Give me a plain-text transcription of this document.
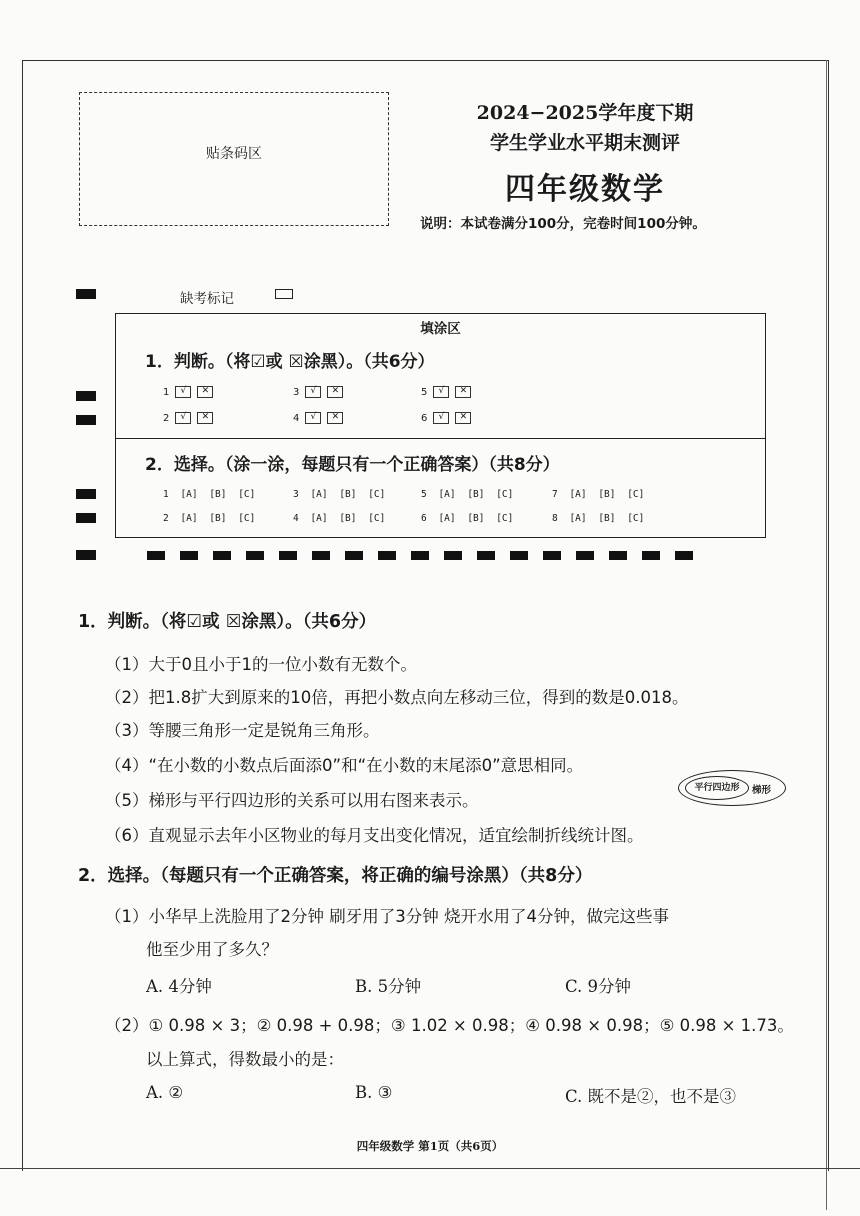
贴条码区
2024−2025学年度下期
学生学业水平期末测评
四年级数学
说明：本试卷满分100分，完卷时间100分钟。
缺考标记
填涂区
1．判断。（将☑或 ☒涂黑）。（共6分）
1 √ ✕	3 √ ✕	5 √ ✕
2 √ ✕	4 √ ✕	6 √ ✕
2．选择。（涂一涂，每题只有一个正确答案）（共8分）
1 [A] [B] [C]	3 [A] [B] [C]	5 [A] [B] [C]	7 [A] [B] [C]
2 [A] [B] [C]	4 [A] [B] [C]	6 [A] [B] [C]	8 [A] [B] [C]
1．判断。（将☑或 ☒涂黑）。（共6分）
（1）大于0且小于1的一位小数有无数个。
（2）把1.8扩大到原来的10倍，再把小数点向左移动三位，得到的数是0.018。
（3）等腰三角形一定是锐角三角形。
（4）“在小数的小数点后面添0”和“在小数的末尾添0”意思相同。
（5）梯形与平行四边形的关系可以用右图来表示。
（6）直观显示去年小区物业的每月支出变化情况，适宜绘制折线统计图。
平行四边形	梯形
2．选择。（每题只有一个正确答案，将正确的编号涂黑）（共8分）
（1）小华早上洗脸用了2分钟 刷牙用了3分钟 烧开水用了4分钟，做完这些事
他至少用了多久？
A. 4分钟	B. 5分钟	C. 9分钟
（2）① 0.98 × 3；② 0.98 + 0.98；③ 1.02 × 0.98；④ 0.98 × 0.98；⑤ 0.98 × 1.73。
以上算式，得数最小的是：
A. ②	B. ③	C. 既不是②，也不是③
四年级数学 第1页（共6页）
